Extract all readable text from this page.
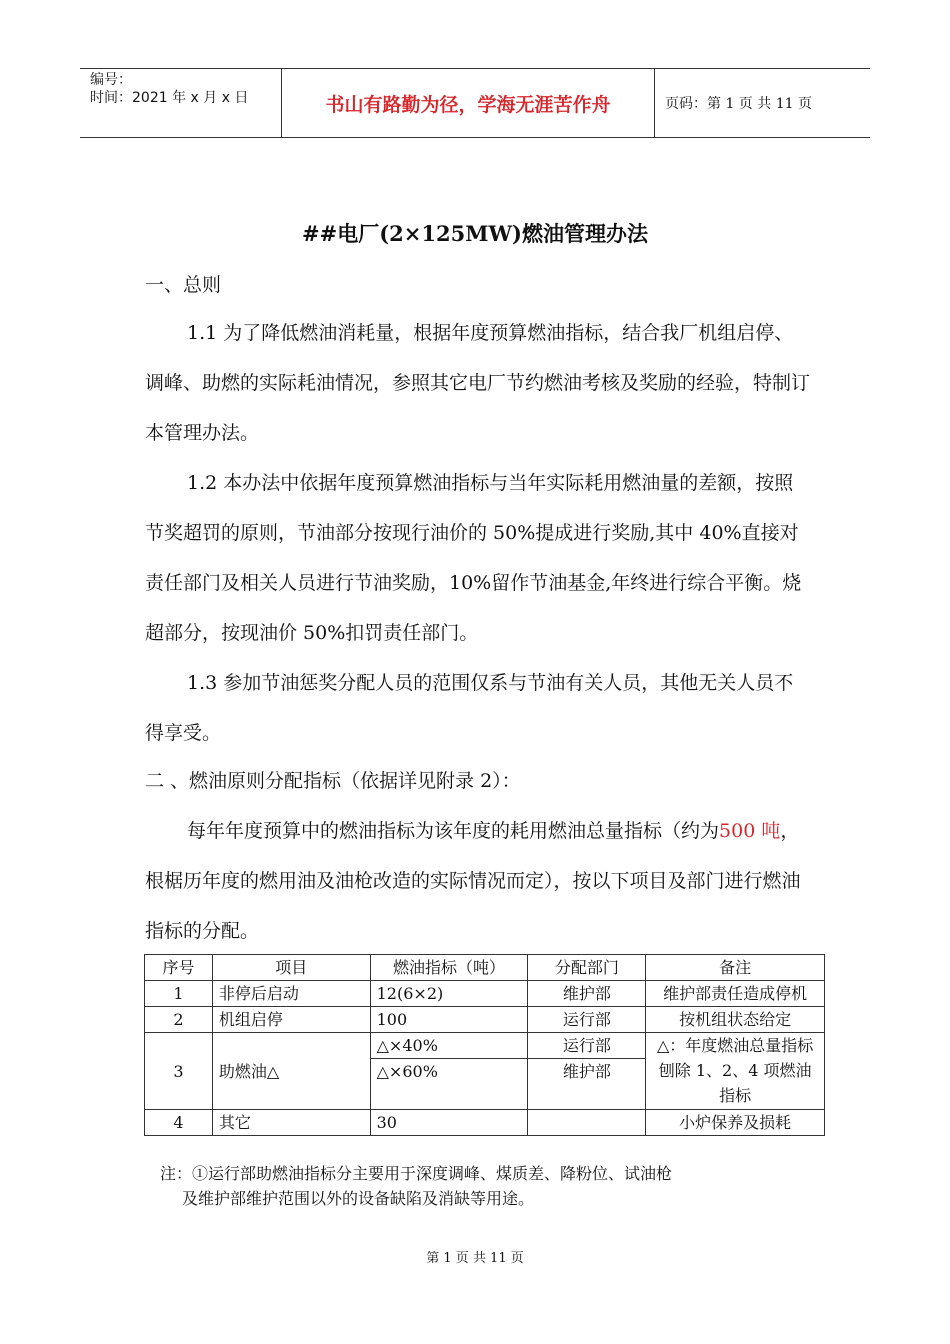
编号：
时间：2021 年 x 月 x 日	书山有路勤为径，学海无涯苦作舟	页码：第 1 页 共 11 页
##电厂(2×125MW)燃油管理办法
一、总则

1.1 为了降低燃油消耗量，根据年度预算燃油指标，结合我厂机组启停、调峰、助燃的实际耗油情况，参照其它电厂节约燃油考核及奖励的经验，特制订本管理办法。

1.2 本办法中依据年度预算燃油指标与当年实际耗用燃油量的差额，按照节奖超罚的原则，节油部分按现行油价的 50%提成进行奖励,其中 40%直接对责任部门及相关人员进行节油奖励，10%留作节油基金,年终进行综合平衡。烧超部分，按现油价 50%扣罚责任部门。

1.3 参加节油惩奖分配人员的范围仅系与节油有关人员，其他无关人员不得享受。

二 、燃油原则分配指标（依据详见附录 2）：

每年年度预算中的燃油指标为该年度的耗用燃油总量指标（约为500 吨，根椐历年度的燃用油及油枪改造的实际情况而定），按以下项目及部门进行燃油指标的分配。

序号	项目	燃油指标（吨）	分配部门	备注
1	非停后启动	12(6×2)	维护部	维护部责任造成停机
2	机组启停	100	运行部	按机组状态给定
3	助燃油△	△×40%	运行部	△：年度燃油总量指标刨除 1、2、4 项燃油指标
		△×60%	维护部	
4	其它	30		小炉保养及损耗
注：①运行部助燃油指标分主要用于深度调峰、煤质差、降粉位、试油枪
及维护部维护范围以外的设备缺陷及消缺等用途。
第 1 页 共 11 页
